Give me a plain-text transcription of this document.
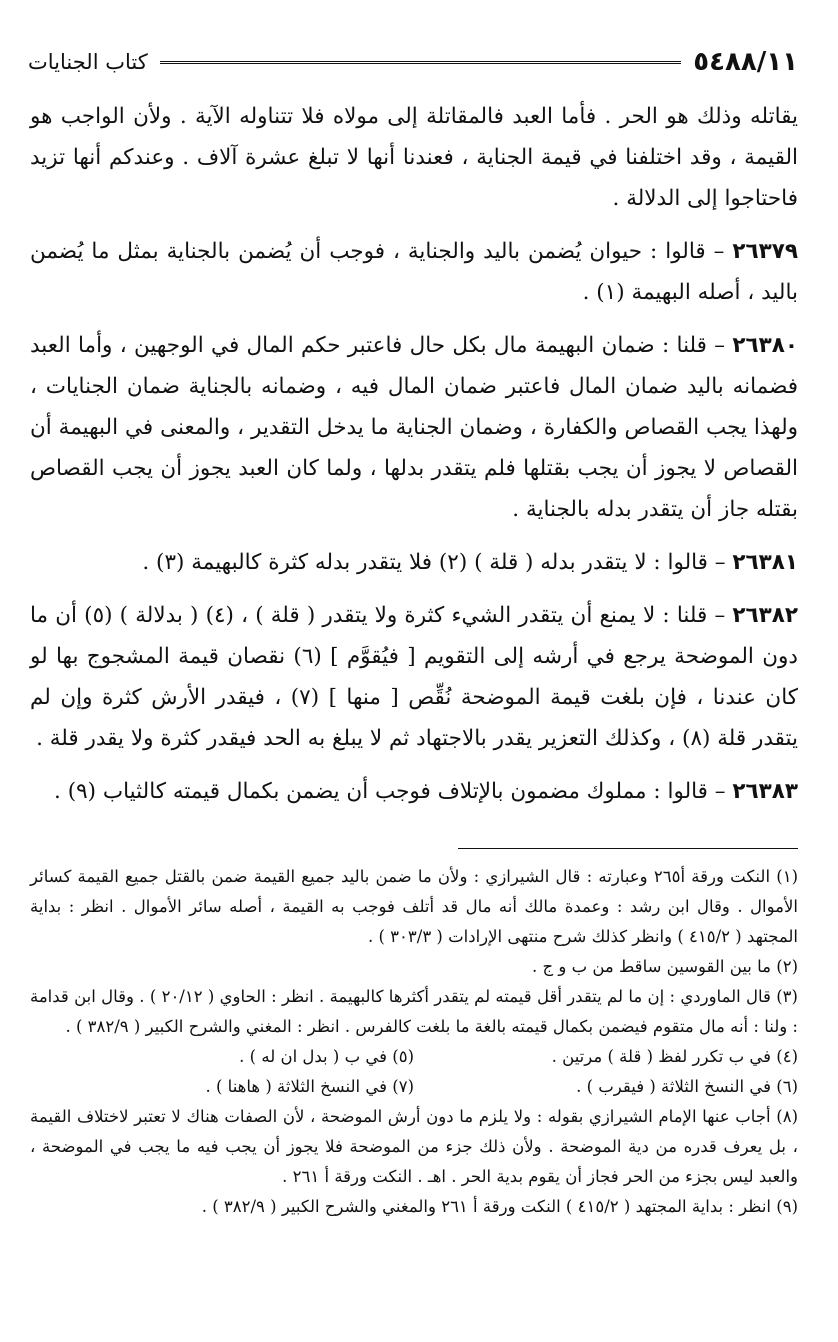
٥٤٨٨/١١
كتاب الجنايات

يقاتله وذلك هو الحر . فأما العبد فالمقاتلة إلى مولاه فلا تتناوله الآية . ولأن الواجب هو القيمة ، وقد اختلفنا في قيمة الجناية ، فعندنا أنها لا تبلغ عشرة آلاف . وعندكم أنها تزيد فاحتاجوا إلى الدلالة .

٢٦٣٧٩ – قالوا : حيوان يُضمن باليد والجناية ، فوجب أن يُضمن بالجناية بمثل ما يُضمن باليد ، أصله البهيمة (١) .

٢٦٣٨٠ – قلنا : ضمان البهيمة مال بكل حال فاعتبر حكم المال في الوجهين ، وأما العبد فضمانه باليد ضمان المال فاعتبر ضمان المال فيه ، وضمانه بالجناية ضمان الجنايات ، ولهذا يجب القصاص والكفارة ، وضمان الجناية ما يدخل التقدير ، والمعنى في البهيمة أن القصاص لا يجوز أن يجب بقتلها فلم يتقدر بدلها ، ولما كان العبد يجوز أن يجب القصاص بقتله جاز أن يتقدر بدله بالجناية .

٢٦٣٨١ – قالوا : لا يتقدر بدله ( قلة ) (٢) فلا يتقدر بدله كثرة كالبهيمة (٣) .

٢٦٣٨٢ – قلنا : لا يمنع أن يتقدر الشيء كثرة ولا يتقدر ( قلة ) ، (٤) ( بدلالة ) (٥) أن ما دون الموضحة يرجع في أرشه إلى التقويم [ فيُقوَّم ] (٦) نقصان قيمة المشجوج بها لو كان عندنا ، فإن بلغت قيمة الموضحة نُقِّص [ منها ] (٧) ، فيقدر الأرش كثرة وإن لم يتقدر قلة (٨) ، وكذلك التعزير يقدر بالاجتهاد ثم لا يبلغ به الحد فيقدر كثرة ولا يقدر قلة .

٢٦٣٨٣ – قالوا : مملوك مضمون بالإتلاف فوجب أن يضمن بكمال قيمته كالثياب (٩) .

(١) النكت ورقة أ٢٦٥ وعبارته : قال الشيرازي : ولأن ما ضمن باليد جميع القيمة ضمن بالقتل جميع القيمة كسائر الأموال . وقال ابن رشد : وعمدة مالك أنه مال قد أتلف فوجب به القيمة ، أصله سائر الأموال . انظر : بداية المجتهد ( ٤١٥/٢ ) وانظر كذلك شرح منتهى الإرادات ( ٣٠٣/٣ ) .

(٢) ما بين القوسين ساقط من ب و ج .

(٣) قال الماوردي : إن ما لم يتقدر أقل قيمته لم يتقدر أكثرها كالبهيمة . انظر : الحاوي ( ٢٠/١٢ ) . وقال ابن قدامة : ولنا : أنه مال متقوم فيضمن بكمال قيمته بالغة ما بلغت كالفرس . انظر : المغني والشرح الكبير ( ٣٨٢/٩ ) .

(٤) في ب تكرر لفظ ( قلة ) مرتين .
(٥) في ب ( بدل ان له ) .
(٦) في النسخ الثلاثة ( فيقرب ) .
(٧) في النسخ الثلاثة ( هاهنا ) .

(٨) أجاب عنها الإمام الشيرازي بقوله : ولا يلزم ما دون أرش الموضحة ، لأن الصفات هناك لا تعتبر لاختلاف القيمة ، بل يعرف قدره من دية الموضحة . ولأن ذلك جزء من الموضحة فلا يجوز أن يجب فيه ما يجب في الموضحة ، والعبد ليس بجزء من الحر فجاز أن يقوم بدية الحر . اهـ . النكت ورقة أ ٢٦١ .

(٩) انظر : بداية المجتهد ( ٤١٥/٢ ) النكت ورقة أ ٢٦١ والمغني والشرح الكبير ( ٣٨٢/٩ ) .
